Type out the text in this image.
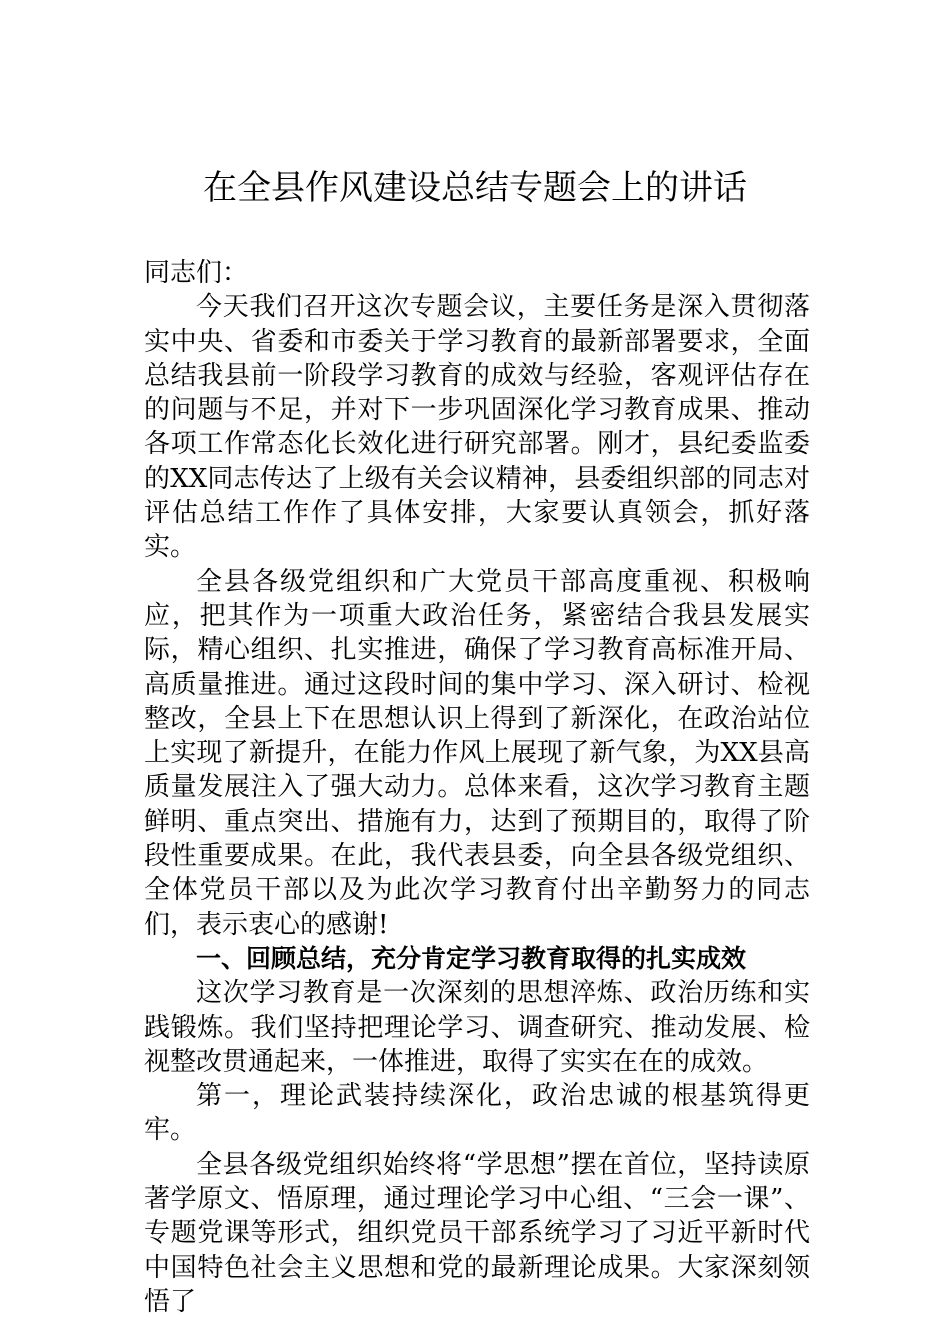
在全县作风建设总结专题会上的讲话

同志们：

今天我们召开这次专题会议，主要任务是深入贯彻落实中央、省委和市委关于学习教育的最新部署要求，全面总结我县前一阶段学习教育的成效与经验，客观评估存在的问题与不足，并对下一步巩固深化学习教育成果、推动各项工作常态化长效化进行研究部署。刚才，县纪委监委的XX同志传达了上级有关会议精神，县委组织部的同志对评估总结工作作了具体安排，大家要认真领会，抓好落实。

全县各级党组织和广大党员干部高度重视、积极响应，把其作为一项重大政治任务，紧密结合我县发展实际，精心组织、扎实推进，确保了学习教育高标准开局、高质量推进。通过这段时间的集中学习、深入研讨、检视整改，全县上下在思想认识上得到了新深化，在政治站位上实现了新提升，在能力作风上展现了新气象，为XX县高质量发展注入了强大动力。总体来看，这次学习教育主题鲜明、重点突出、措施有力，达到了预期目的，取得了阶段性重要成果。在此，我代表县委，向全县各级党组织、全体党员干部以及为此次学习教育付出辛勤努力的同志们，表示衷心的感谢!

一、回顾总结，充分肯定学习教育取得的扎实成效

这次学习教育是一次深刻的思想淬炼、政治历练和实践锻炼。我们坚持把理论学习、调查研究、推动发展、检视整改贯通起来，一体推进，取得了实实在在的成效。

第一，理论武装持续深化，政治忠诚的根基筑得更牢。

全县各级党组织始终将“学思想”摆在首位，坚持读原著学原文、悟原理，通过理论学习中心组、“三会一课”、专题党课等形式，组织党员干部系统学习了习近平新时代中国特色社会主义思想和党的最新理论成果。大家深刻领悟了
